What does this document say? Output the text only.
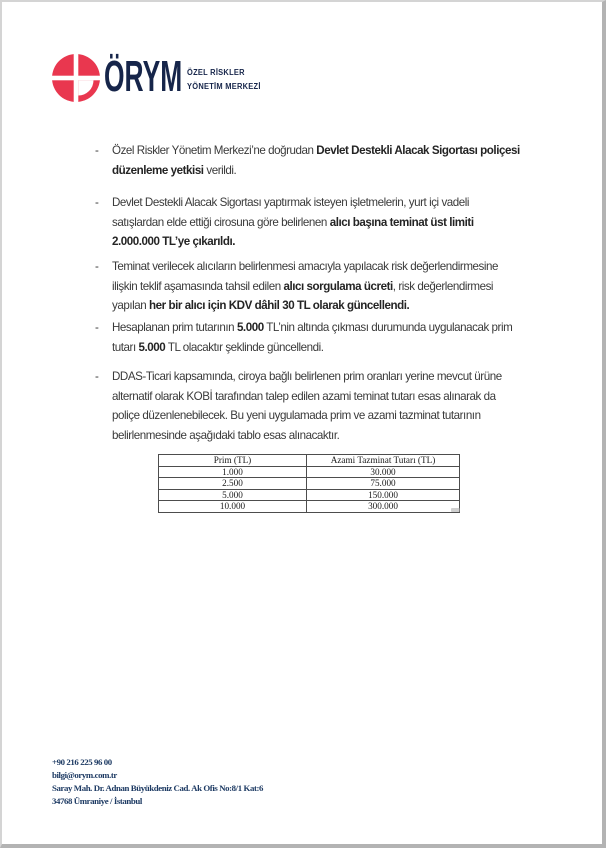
ÖRYM ÖZEL RİSKLER
YÖNETİM MERKEZİ
- Özel Riskler Yönetim Merkezi’ne doğrudan Devlet Destekli Alacak Sigortası poliçesi
düzenleme yetkisi verildi.
- Devlet Destekli Alacak Sigortası yaptırmak isteyen işletmelerin, yurt içi vadeli
satışlardan elde ettiği cirosuna göre belirlenen alıcı başına teminat üst limiti
2.000.000 TL’ye çıkarıldı.
- Teminat verilecek alıcıların belirlenmesi amacıyla yapılacak risk değerlendirmesine
ilişkin teklif aşamasında tahsil edilen alıcı sorgulama ücreti, risk değerlendirmesi
yapılan her bir alıcı için KDV dâhil 30 TL olarak güncellendi.
- Hesaplanan prim tutarının 5.000 TL’nin altında çıkması durumunda uygulanacak prim
tutarı 5.000 TL olacaktır şeklinde güncellendi.
- DDAS-Ticari kapsamında, ciroya bağlı belirlenen prim oranları yerine mevcut ürüne
alternatif olarak KOBİ tarafından talep edilen azami teminat tutarı esas alınarak da
poliçe düzenlenebilecek. Bu yeni uygulamada prim ve azami tazminat tutarının
belirlenmesinde aşağıdaki tablo esas alınacaktır.
Prim (TL)	Azami Tazminat Tutarı (TL)
1.000	30.000
2.500	75.000
5.000	150.000
10.000	300.000
+90 216 225 96 00
bilgi@orym.com.tr
Saray Mah. Dr. Adnan Büyükdeniz Cad. Ak Ofis No:8/1 Kat:6
34768 Ümraniye / İstanbul
